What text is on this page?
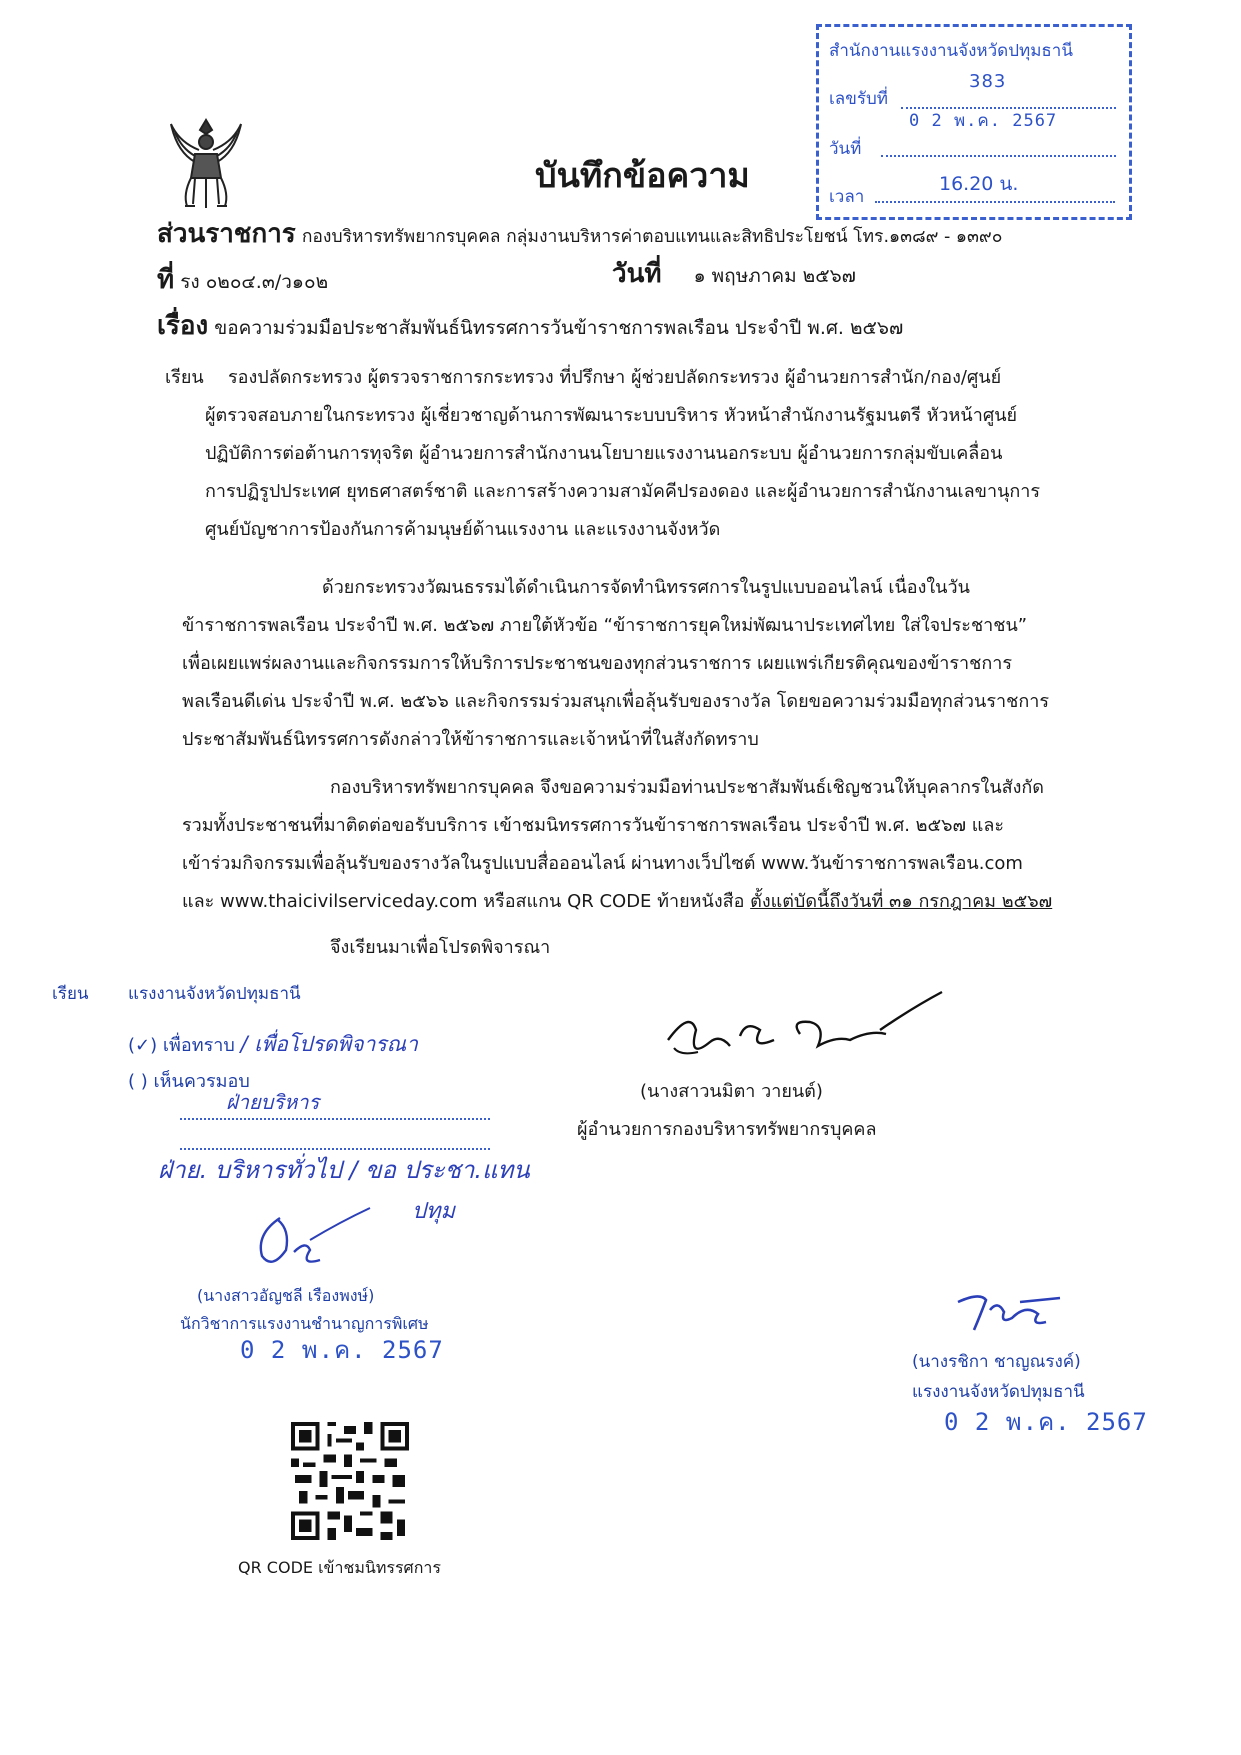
สำนักงานแรงงานจังหวัดปทุมธานี
เลขรับที่
383
0 2 พ.ค. 2567
วันที่
เวลา
16.20 น.
บันทึกข้อความ
ส่วนราชการ กองบริหารทรัพยากรบุคคล กลุ่มงานบริหารค่าตอบแทนและสิทธิประโยชน์ โทร.๑๓๘๙ - ๑๓๙๐
ที่ รง ๐๒๐๔.๓/ว๑๐๒	วันที่ ๑ พฤษภาคม ๒๕๖๗
เรื่อง ขอความร่วมมือประชาสัมพันธ์นิทรรศการวันข้าราชการพลเรือน ประจำปี พ.ศ. ๒๕๖๗
เรียน รองปลัดกระทรวง ผู้ตรวจราชการกระทรวง ที่ปรึกษา ผู้ช่วยปลัดกระทรวง ผู้อำนวยการสำนัก/กอง/ศูนย์
ผู้ตรวจสอบภายในกระทรวง ผู้เชี่ยวชาญด้านการพัฒนาระบบบริหาร หัวหน้าสำนักงานรัฐมนตรี หัวหน้าศูนย์
ปฏิบัติการต่อต้านการทุจริต ผู้อำนวยการสำนักงานนโยบายแรงงานนอกระบบ ผู้อำนวยการกลุ่มขับเคลื่อน
การปฏิรูปประเทศ ยุทธศาสตร์ชาติ และการสร้างความสามัคคีปรองดอง และผู้อำนวยการสำนักงานเลขานุการ
ศูนย์บัญชาการป้องกันการค้ามนุษย์ด้านแรงงาน และแรงงานจังหวัด
ด้วยกระทรวงวัฒนธรรมได้ดำเนินการจัดทำนิทรรศการในรูปแบบออนไลน์ เนื่องในวัน
ข้าราชการพลเรือน ประจำปี พ.ศ. ๒๕๖๗ ภายใต้หัวข้อ “ข้าราชการยุคใหม่พัฒนาประเทศไทย ใส่ใจประชาชน”
เพื่อเผยแพร่ผลงานและกิจกรรมการให้บริการประชาชนของทุกส่วนราชการ เผยแพร่เกียรติคุณของข้าราชการ
พลเรือนดีเด่น ประจำปี พ.ศ. ๒๕๖๖ และกิจกรรมร่วมสนุกเพื่อลุ้นรับของรางวัล โดยขอความร่วมมือทุกส่วนราชการ
ประชาสัมพันธ์นิทรรศการดังกล่าวให้ข้าราชการและเจ้าหน้าที่ในสังกัดทราบ
กองบริหารทรัพยากรบุคคล จึงขอความร่วมมือท่านประชาสัมพันธ์เชิญชวนให้บุคลากรในสังกัด
รวมทั้งประชาชนที่มาติดต่อขอรับบริการ เข้าชมนิทรรศการวันข้าราชการพลเรือน ประจำปี พ.ศ. ๒๕๖๗ และ
เข้าร่วมกิจกรรมเพื่อลุ้นรับของรางวัลในรูปแบบสื่อออนไลน์ ผ่านทางเว็ปไซต์ www.วันข้าราชการพลเรือน.com
และ www.thaicivilserviceday.com หรือสแกน QR CODE ท้ายหนังสือ ตั้งแต่บัดนี้ถึงวันที่ ๓๑ กรกฎาคม ๒๕๖๗
จึงเรียนมาเพื่อโปรดพิจารณา
(นางสาวนมิตา วายนต์)
ผู้อำนวยการกองบริหารทรัพยากรบุคคล
เรียน แรงงานจังหวัดปทุมธานี
(✓) เพื่อทราบ / เพื่อโปรดพิจารณา
( ) เห็นควรมอบ
ฝ่ายบริหาร
ฝ่าย. บริหารทั่วไป / ขอ ประชา.แทน
ปทุม
(นางสาวอัญชลี เรืองพงษ์)
นักวิชาการแรงงานชำนาญการพิเศษ
0 2 พ.ค. 2567	(นางรชิกา ชาญณรงค์)
แรงงานจังหวัดปทุมธานี
0 2 พ.ค. 2567
QR CODE เข้าชมนิทรรศการ
